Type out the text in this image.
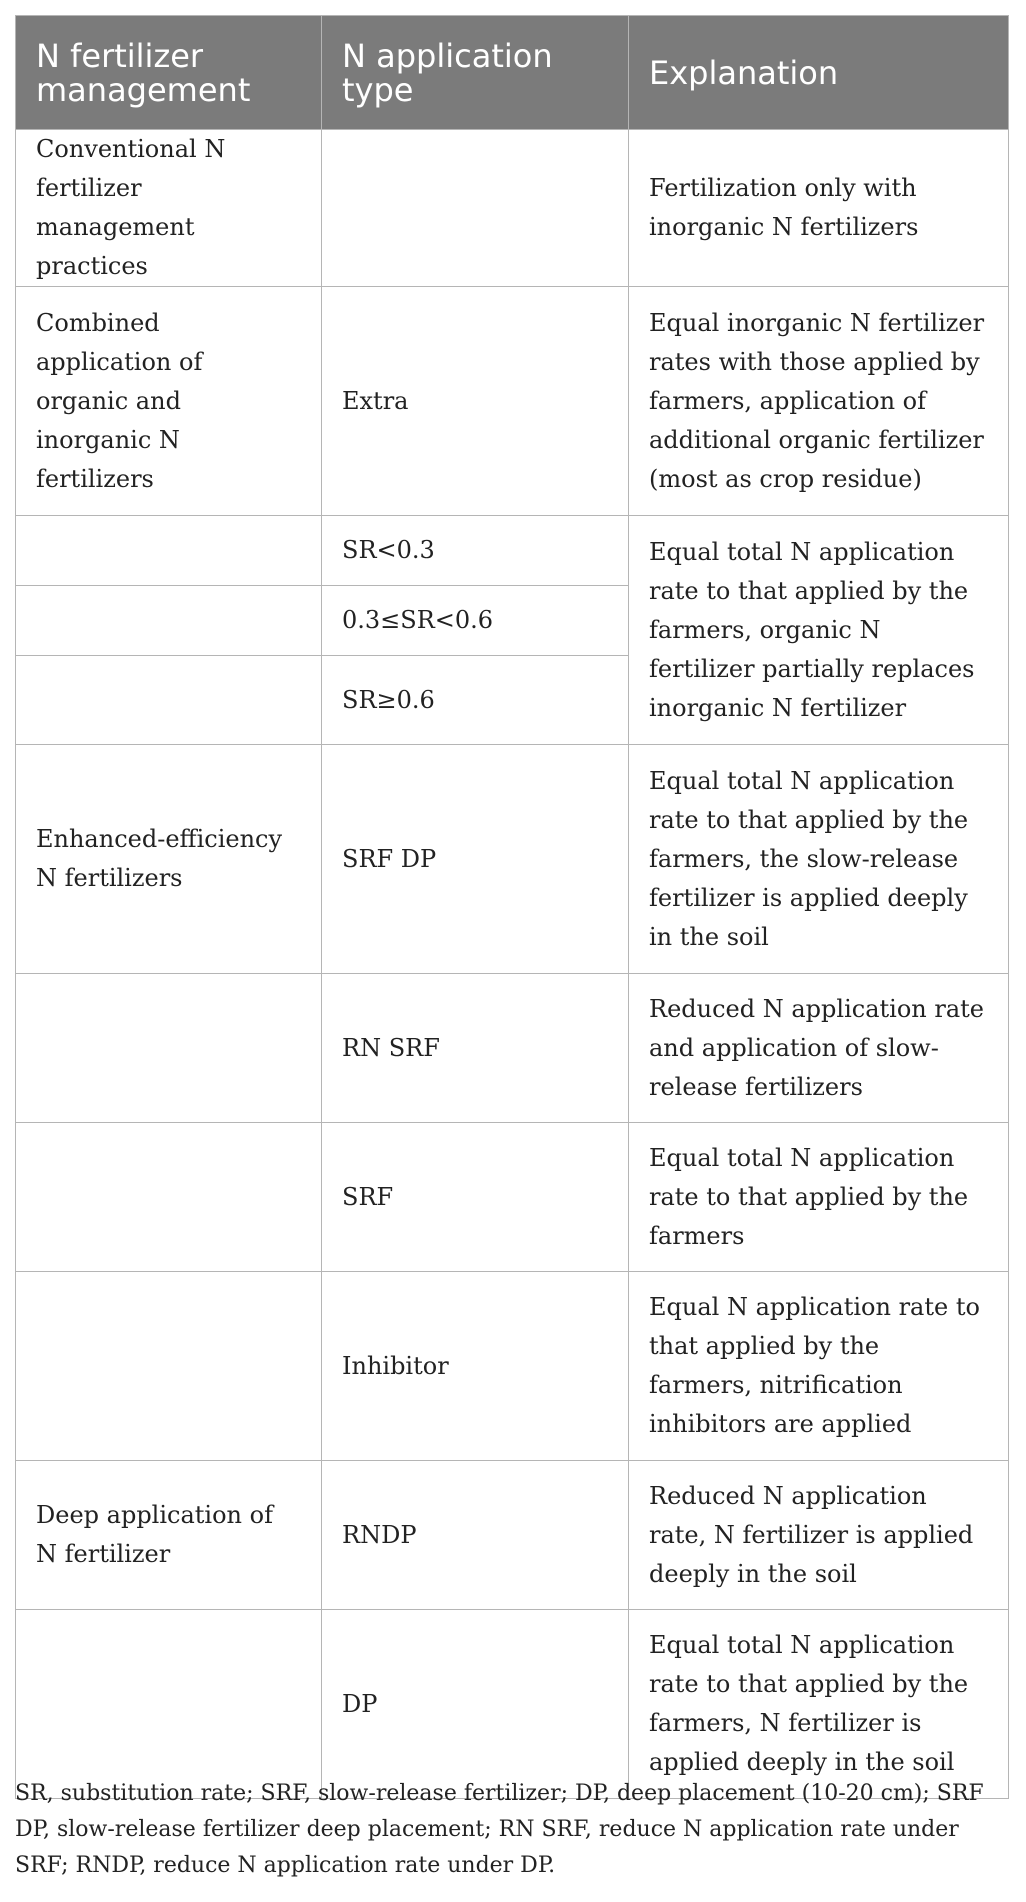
N fertilizer management	N application type	Explanation
Conventional N fertilizer management practices		Fertilization only with inorganic N fertilizers
Combined application of organic and inorganic N fertilizers	Extra	Equal inorganic N fertilizer rates with those applied by farmers, application of additional organic fertilizer (most as crop residue)
	SR<0.3	Equal total N application rate to that applied by the farmers, organic N fertilizer partially replaces inorganic N fertilizer
	0.3≤SR<0.6	
	SR≥0.6	
Enhanced-efficiency N fertilizers	SRF DP	Equal total N application rate to that applied by the farmers, the slow-release fertilizer is applied deeply in the soil
	RN SRF	Reduced N application rate and application of slow-release fertilizers
	SRF	Equal total N application rate to that applied by the farmers
	Inhibitor	Equal N application rate to that applied by the farmers, nitrification inhibitors are applied
Deep application of N fertilizer	RNDP	Reduced N application rate, N fertilizer is applied deeply in the soil
	DP	Equal total N application rate to that applied by the farmers, N fertilizer is applied deeply in the soil

SR, substitution rate; SRF, slow-release fertilizer; DP, deep placement (10-20 cm); SRF DP, slow-release fertilizer deep placement; RN SRF, reduce N application rate under SRF; RNDP, reduce N application rate under DP.
